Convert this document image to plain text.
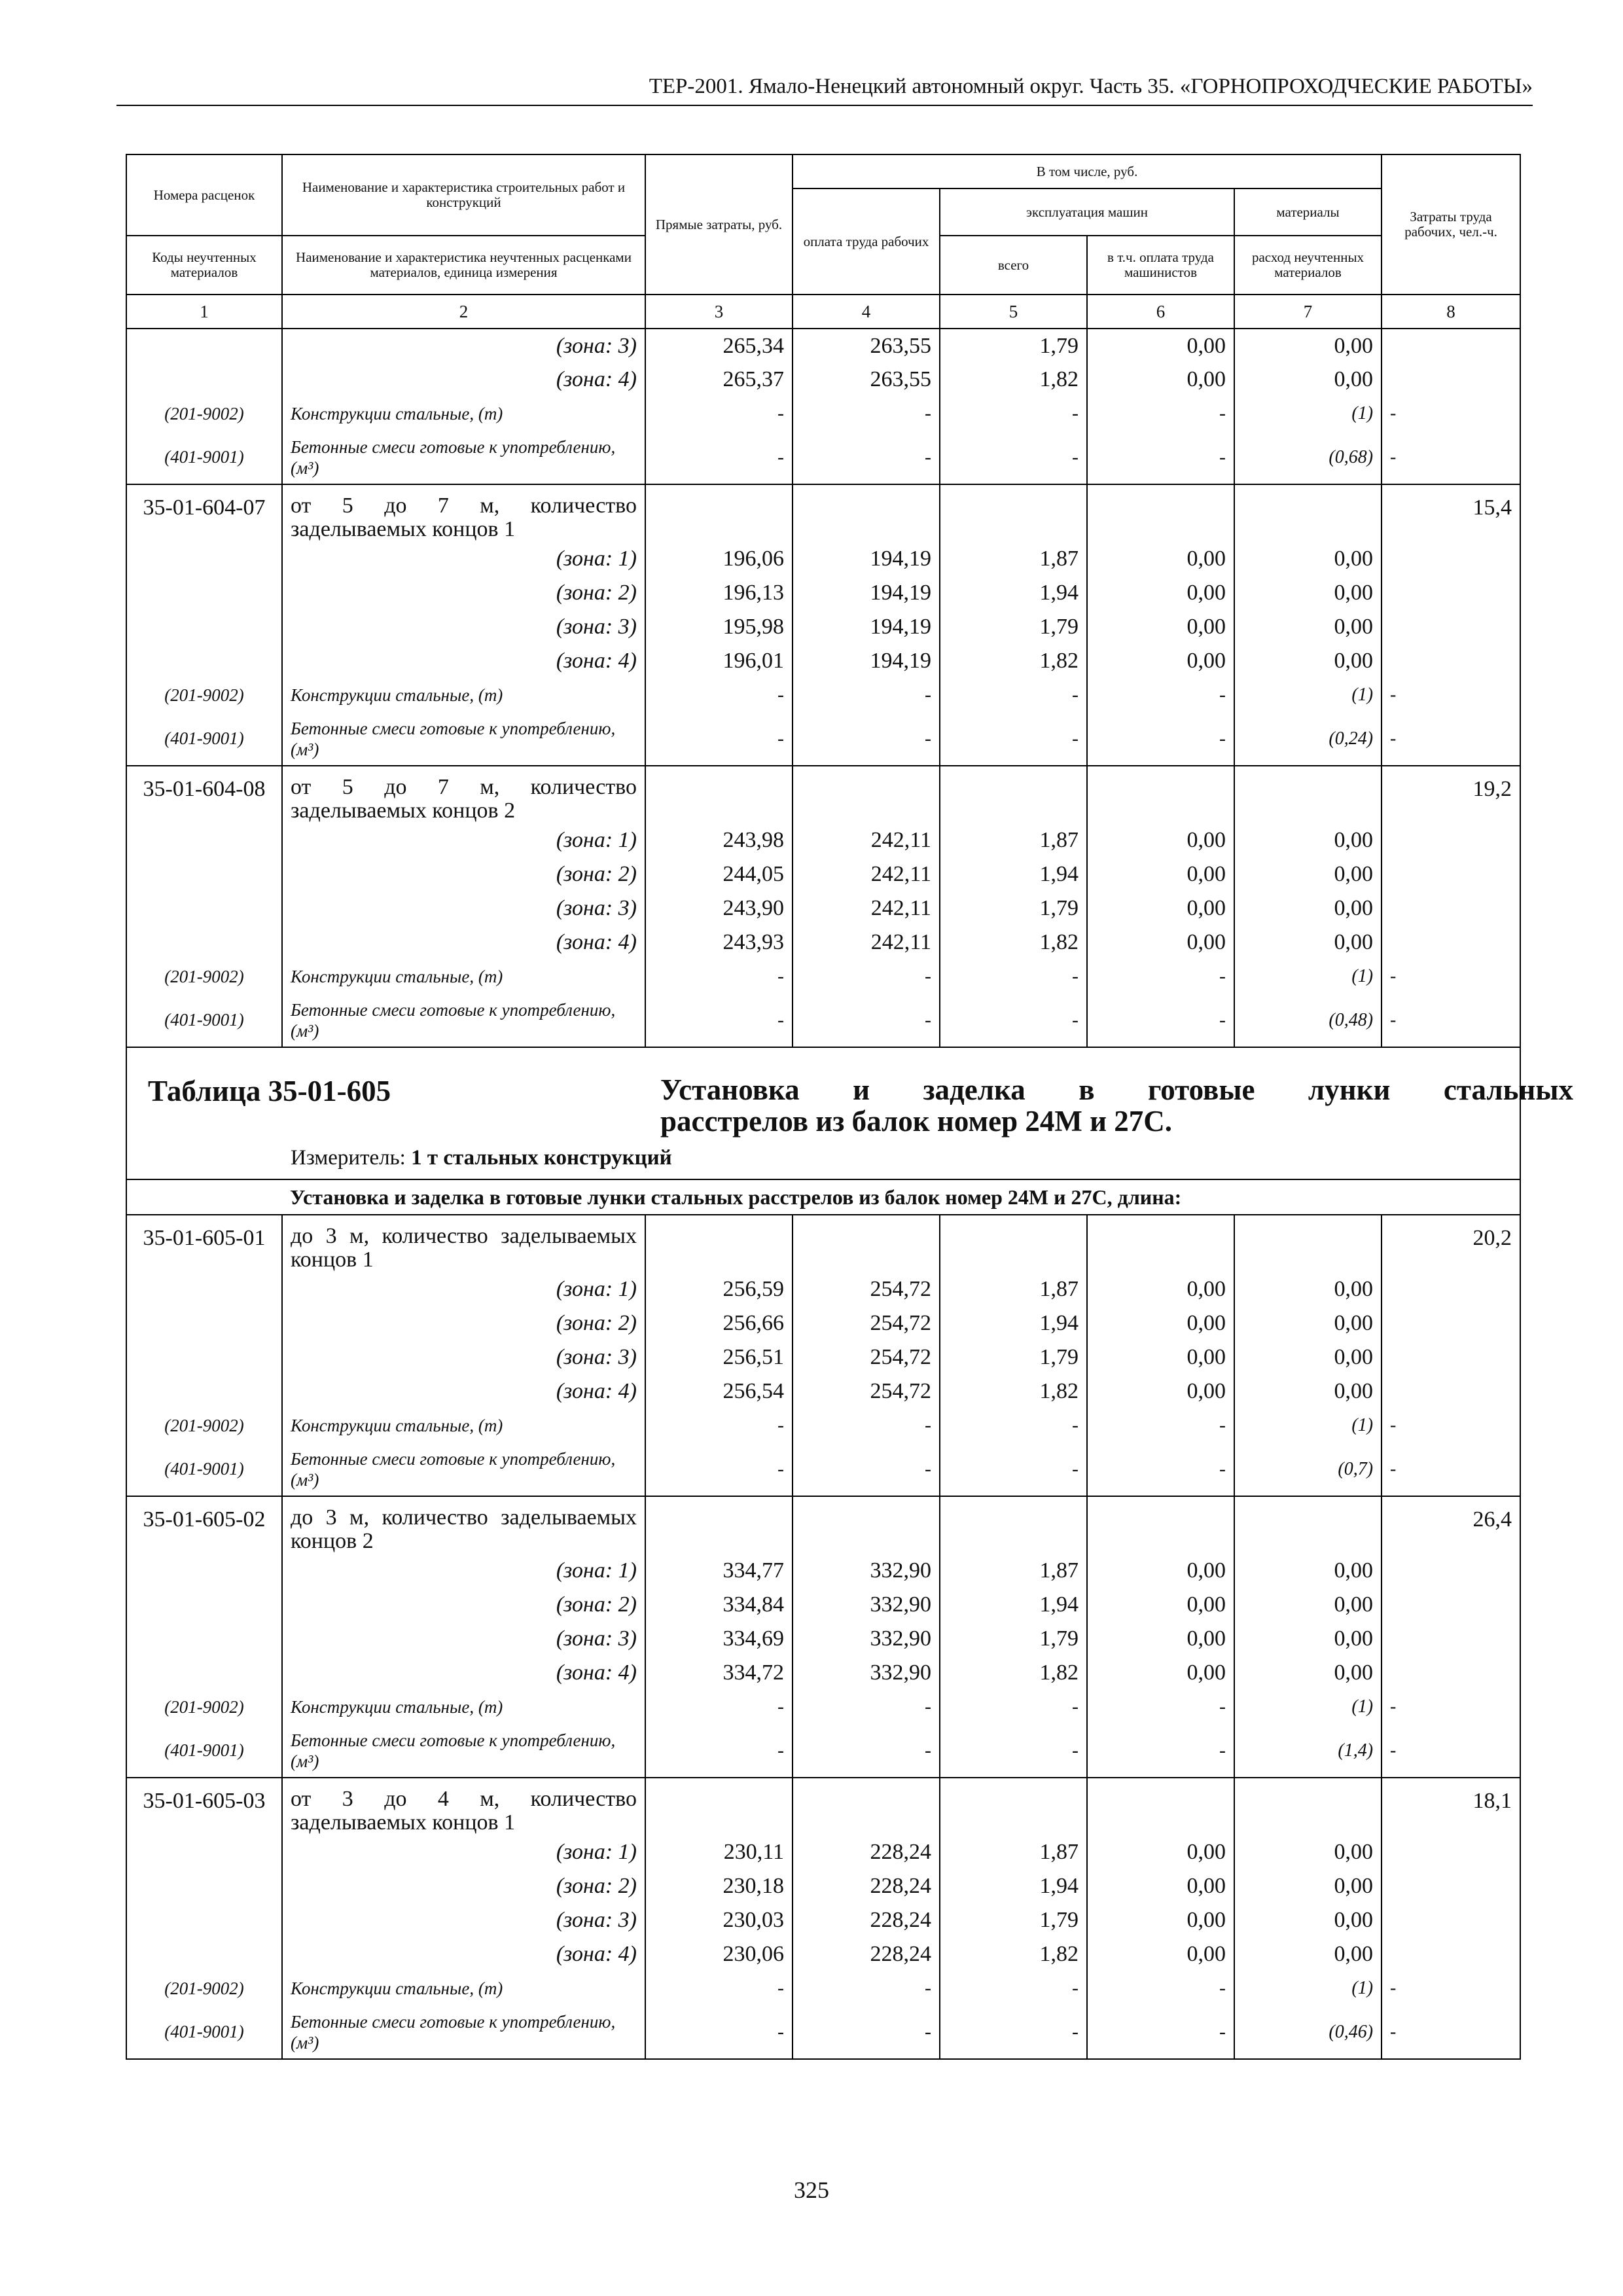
ТЕР-2001. Ямало-Ненецкий автономный округ. Часть 35. «ГОРНОПРОХОДЧЕСКИЕ РАБОТЫ»
Номера расценок	Наименование и характеристика строительных работ и конструкций	Прямые затраты, руб.	В том числе, руб.				Затраты труда рабочих, чел.-ч.
			оплата труда рабочих	эксплуатация машин		материалы	
Коды неучтенных материалов	Наименование и характеристика неучтенных расценками материалов, единица измерения			всего	в т.ч. оплата труда машинистов	расход неучтенных материалов	
1	2	3	4	5	6	7	8
	(зона: 3)	265,34	263,55	1,79	0,00	0,00	
	(зона: 4)	265,37	263,55	1,82	0,00	0,00	
(201-9002)	Конструкции стальные, (т)	-	-	-	-	(1)	-
(401-9001)	Бетонные смеси готовые к употреблению, (м³)	-	-	-	-	(0,68)	-
35-01-604-07	от 5 до 7 м, количество заделываемых концов 1						15,4
	(зона: 1)	196,06	194,19	1,87	0,00	0,00	
	(зона: 2)	196,13	194,19	1,94	0,00	0,00	
	(зона: 3)	195,98	194,19	1,79	0,00	0,00	
	(зона: 4)	196,01	194,19	1,82	0,00	0,00	
(201-9002)	Конструкции стальные, (т)	-	-	-	-	(1)	-
(401-9001)	Бетонные смеси готовые к употреблению, (м³)	-	-	-	-	(0,24)	-
35-01-604-08	от 5 до 7 м, количество заделываемых концов 2						19,2
	(зона: 1)	243,98	242,11	1,87	0,00	0,00	
	(зона: 2)	244,05	242,11	1,94	0,00	0,00	
	(зона: 3)	243,90	242,11	1,79	0,00	0,00	
	(зона: 4)	243,93	242,11	1,82	0,00	0,00	
(201-9002)	Конструкции стальные, (т)	-	-	-	-	(1)	-
(401-9001)	Бетонные смеси готовые к употреблению, (м³)	-	-	-	-	(0,48)	-

Таблица 35-01-605 Установка и заделка в готовые лунки стальных
расстрелов из балок номер 24М и 27С.
Измеритель: 1 т стальных конструкций							

	Установка и заделка в готовые лунки стальных расстрелов из балок номер 24М и 27С, длина:						
35-01-605-01	до 3 м, количество заделываемых концов 1						20,2
	(зона: 1)	256,59	254,72	1,87	0,00	0,00	
	(зона: 2)	256,66	254,72	1,94	0,00	0,00	
	(зона: 3)	256,51	254,72	1,79	0,00	0,00	
	(зона: 4)	256,54	254,72	1,82	0,00	0,00	
(201-9002)	Конструкции стальные, (т)	-	-	-	-	(1)	-
(401-9001)	Бетонные смеси готовые к употреблению, (м³)	-	-	-	-	(0,7)	-
35-01-605-02	до 3 м, количество заделываемых концов 2						26,4
	(зона: 1)	334,77	332,90	1,87	0,00	0,00	
	(зона: 2)	334,84	332,90	1,94	0,00	0,00	
	(зона: 3)	334,69	332,90	1,79	0,00	0,00	
	(зона: 4)	334,72	332,90	1,82	0,00	0,00	
(201-9002)	Конструкции стальные, (т)	-	-	-	-	(1)	-
(401-9001)	Бетонные смеси готовые к употреблению, (м³)	-	-	-	-	(1,4)	-
35-01-605-03	от 3 до 4 м, количество заделываемых концов 1						18,1
	(зона: 1)	230,11	228,24	1,87	0,00	0,00	
	(зона: 2)	230,18	228,24	1,94	0,00	0,00	
	(зона: 3)	230,03	228,24	1,79	0,00	0,00	
	(зона: 4)	230,06	228,24	1,82	0,00	0,00	
(201-9002)	Конструкции стальные, (т)	-	-	-	-	(1)	-
(401-9001)	Бетонные смеси готовые к употреблению, (м³)	-	-	-	-	(0,46)	-
325
